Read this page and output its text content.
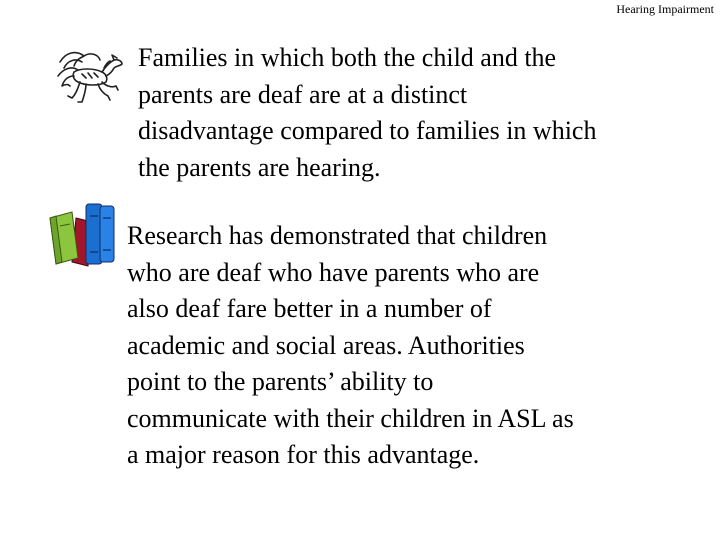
Hearing Impairment
Families in which both the child and the
parents are deaf are at a distinct
disadvantage compared to families in which
the parents are hearing.
Research has demonstrated that children
who are deaf who have parents who are
also deaf fare better in a number of
academic and social areas. Authorities
point to the parents’ ability to
communicate with their children in ASL as
a major reason for this advantage.
